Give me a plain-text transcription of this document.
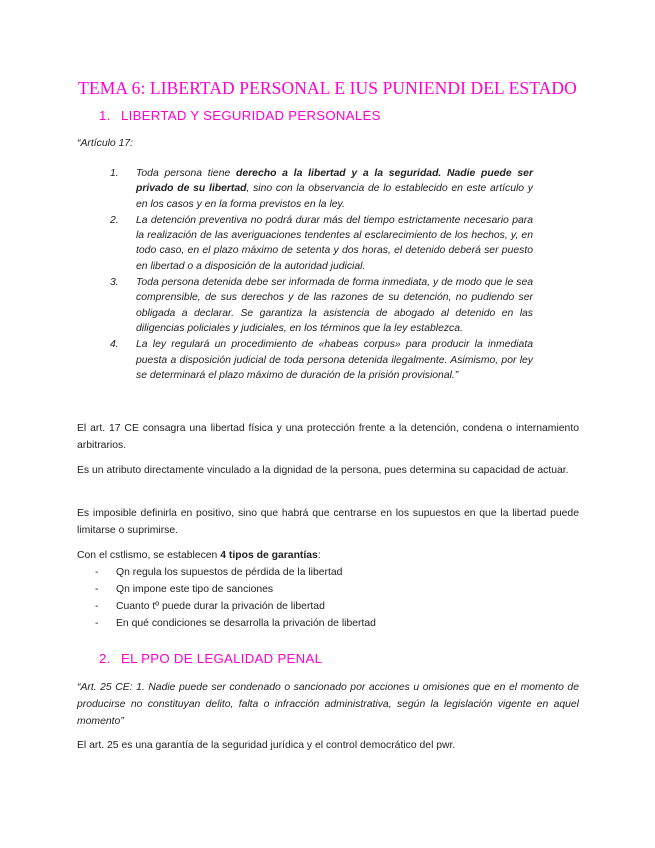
TEMA 6: LIBERTAD PERSONAL E IUS PUNIENDI DEL ESTADO
1. LIBERTAD Y SEGURIDAD PERSONALES
“Artículo 17:
1. Toda persona tiene derecho a la libertad y a la seguridad. Nadie puede ser privado de su libertad, sino con la observancia de lo establecido en este artículo y en los casos y en la forma previstos en la ley.
2. La detención preventiva no podrá durar más del tiempo estrictamente necesario para la realización de las averiguaciones tendentes al esclarecimiento de los hechos, y, en todo caso, en el plazo máximo de setenta y dos horas, el detenido deberá ser puesto en libertad o a disposición de la autoridad judicial.
3. Toda persona detenida debe ser informada de forma inmediata, y de modo que le sea comprensible, de sus derechos y de las razones de su detención, no pudiendo ser obligada a declarar. Se garantiza la asistencia de abogado al detenido en las diligencias policiales y judiciales, en los términos que la ley establezca.
4. La ley regulará un procedimiento de «habeas corpus» para producir la inmediata puesta a disposición judicial de toda persona detenida ilegalmente. Asimismo, por ley se determinará el plazo máximo de duración de la prisión provisional.”

El art. 17 CE consagra una libertad física y una protección frente a la detención, condena o internamiento arbitrarios.

Es un atributo directamente vinculado a la dignidad de la persona, pues determina su capacidad de actuar.

Es imposible definirla en positivo, sino que habrá que centrarse en los supuestos en que la libertad puede limitarse o suprimirse.

Con el cstlismo, se establecen 4 tipos de garantías:

- Qn regula los supuestos de pérdida de la libertad
- Qn impone este tipo de sanciones
- Cuanto tº puede durar la privación de libertad
- En qué condiciones se desarrolla la privación de libertad
2. EL PPO DE LEGALIDAD PENAL

“Art. 25 CE: 1. Nadie puede ser condenado o sancionado por acciones u omisiones que en el momento de producirse no constituyan delito, falta o infracción administrativa, según la legislación vigente en aquel momento”

El art. 25 es una garantía de la seguridad jurídica y el control democrático del pwr.
